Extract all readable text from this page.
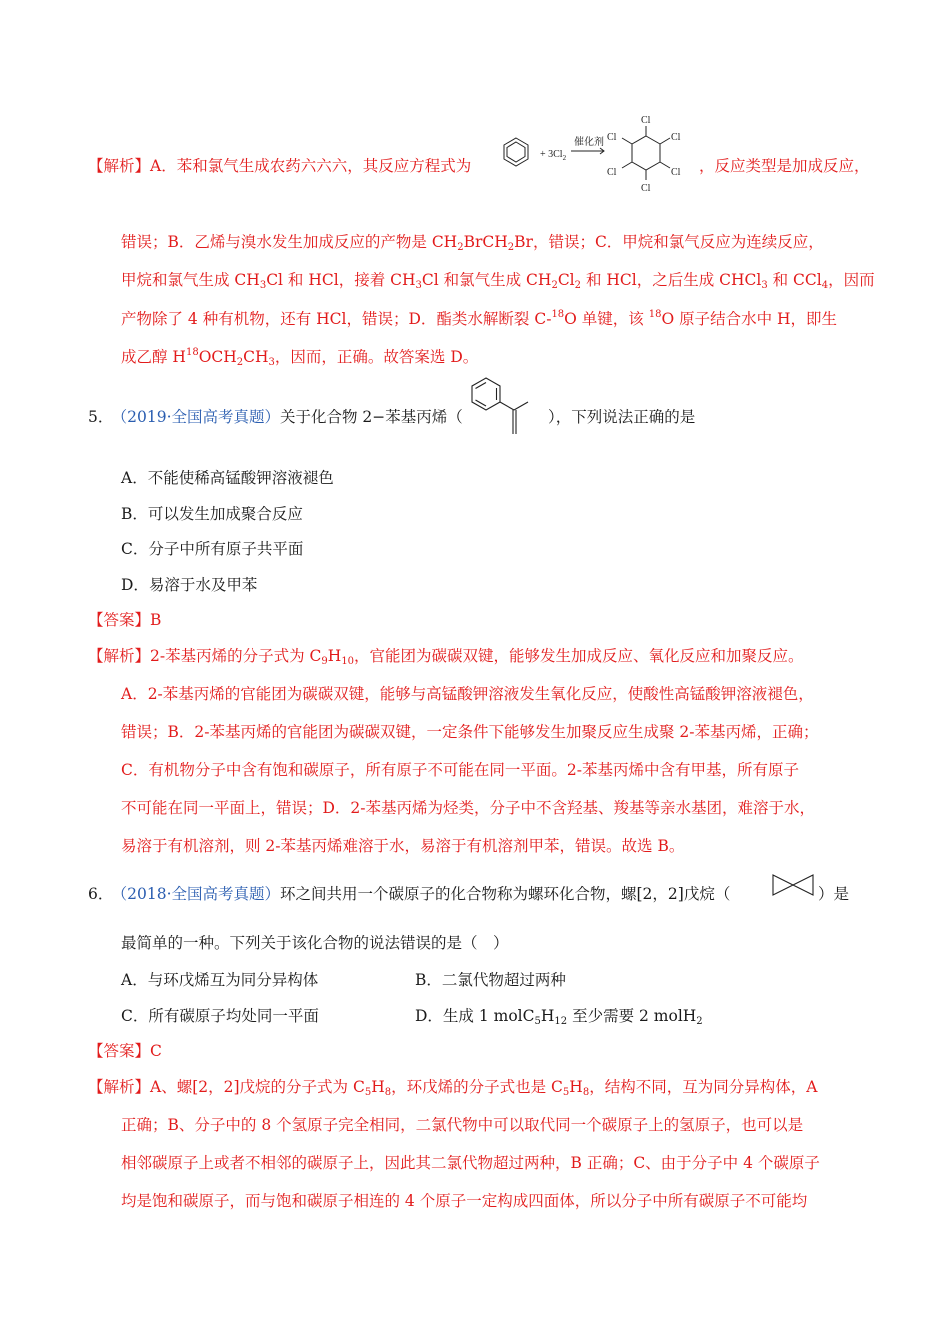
【解析】A．苯和氯气生成农药六六六，其反应方程式为
+ $3Cl_2$
催化剂
Cl
Cl
Cl
Cl
Cl
Cl
，反应类型是加成反应，
错误；B．乙烯与溴水发生加成反应的产物是 $CH_2BrCH_2Br$，错误；C．甲烷和氯气反应为连续反应，
甲烷和氯气生成 $CH_3Cl$ 和 HCl，接着 $CH_3Cl$ 和氯气生成 $CH_2Cl_2$ 和 HCl，之后生成 CHCl$_3$ 和 CCl$_4$，因而
产物除了 4 种有机物，还有 HCl，错误；D．酯类水解断裂 C-$^{18}$O 单键，该 $^{18}$O 原子结合水中 H，即生
成乙醇 $H^{18}OCH_2CH_3$，因而，正确。故答案选 D。
5． （2019·全国高考真题）关于化合物 2−苯基丙烯（	），下列说法正确的是
A．不能使稀高锰酸钾溶液褪色
B．可以发生加成聚合反应
C．分子中所有原子共平面
D．易溶于水及甲苯
【答案】B
【解析】2-苯基丙烯的分子式为 $C_9H_{10}$，官能团为碳碳双键，能够发生加成反应、氧化反应和加聚反应。
A．2-苯基丙烯的官能团为碳碳双键，能够与高锰酸钾溶液发生氧化反应，使酸性高锰酸钾溶液褪色，
错误；B．2-苯基丙烯的官能团为碳碳双键，一定条件下能够发生加聚反应生成聚 2-苯基丙烯，正确；
C．有机物分子中含有饱和碳原子，所有原子不可能在同一平面。2-苯基丙烯中含有甲基，所有原子
不可能在同一平面上，错误；D．2-苯基丙烯为烃类，分子中不含羟基、羧基等亲水基团，难溶于水，
易溶于有机溶剂，则 2-苯基丙烯难溶于水，易溶于有机溶剂甲苯，错误。故选 B。
6． （2018·全国高考真题）环之间共用一个碳原子的化合物称为螺环化合物，螺[2，2]戊烷（	）是
最简单的一种。下列关于该化合物的说法错误的是（　）
A．与环戊烯互为同分异构体	B．二氯代物超过两种
C．所有碳原子均处同一平面	D．生成 1 $molC_5H_{12}$ 至少需要 2 molH$_2$
【答案】C
【解析】A、螺[2，2]戊烷的分子式为 $C_5H_8$，环戊烯的分子式也是 $C_5H_8$，结构不同，互为同分异构体，A
正确；B、分子中的 8 个氢原子完全相同，二氯代物中可以取代同一个碳原子上的氢原子，也可以是
相邻碳原子上或者不相邻的碳原子上，因此其二氯代物超过两种，B 正确；C、由于分子中 4 个碳原子
均是饱和碳原子，而与饱和碳原子相连的 4 个原子一定构成四面体，所以分子中所有碳原子不可能均
